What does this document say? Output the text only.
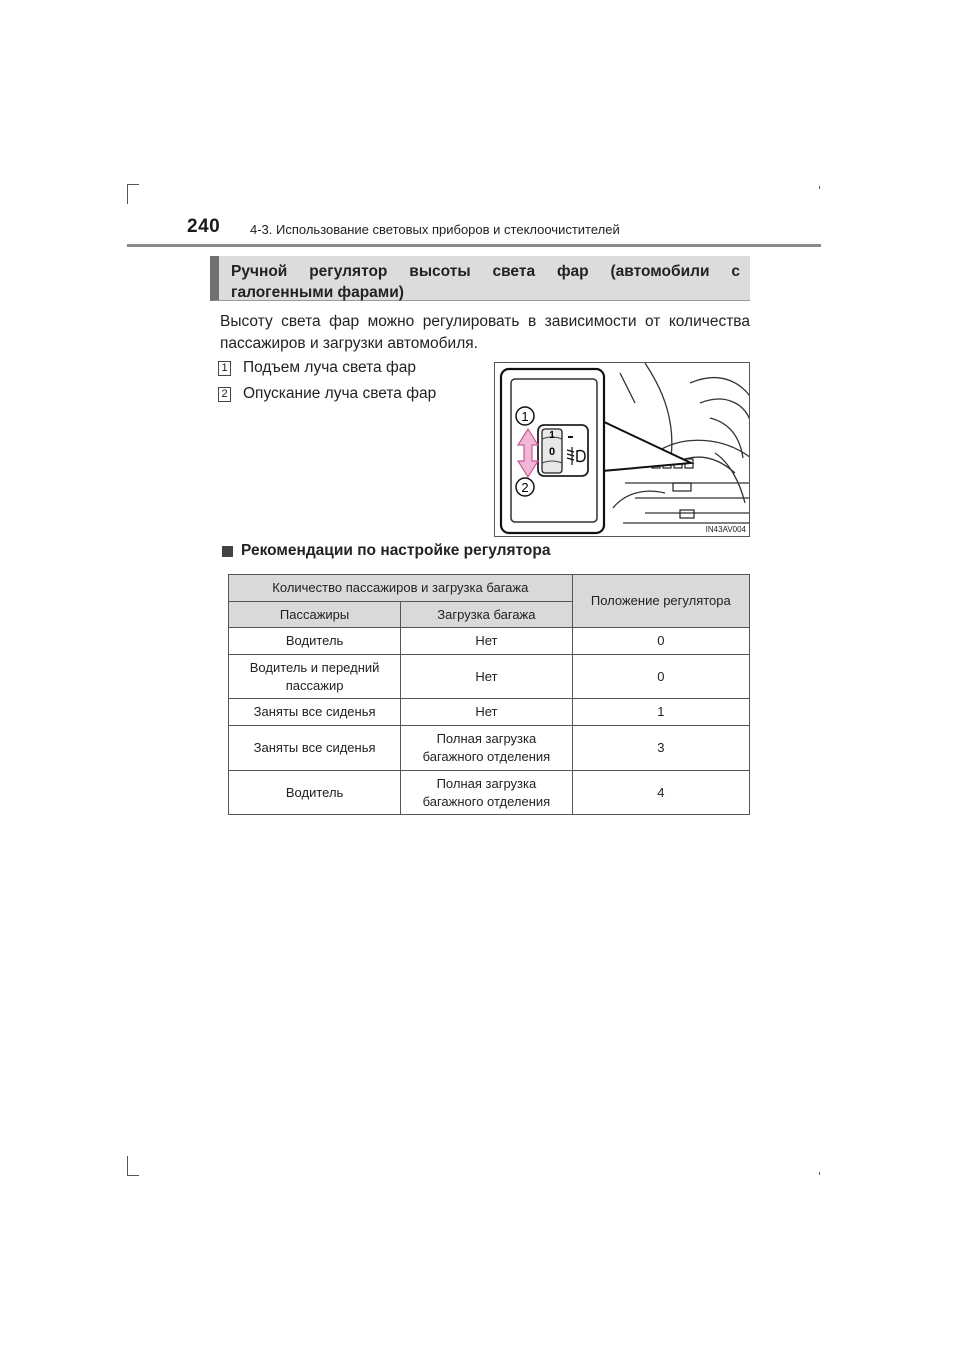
240 4-3. Использование световых приборов и стеклоочистителей
Ручной регулятор высоты света фар (автомобили с галогенными фарами)
Высоту света фар можно регулировать в зависимости от количества пассажиров и загрузки автомобиля.
1 Подъем луча света фар
2 Опускание луча света фар
1
0
1
2
IN43AV004
Рекомендации по настройке регулятора
Количество пассажиров и загрузка багажа		Положение регулятора
Пассажиры	Загрузка багажа	
Водитель	Нет	0
Водитель и передний пассажир	Нет	0
Заняты все сиденья	Нет	1
Заняты все сиденья	Полная загрузка багажного отделения	3
Водитель	Полная загрузка багажного отделения	4
